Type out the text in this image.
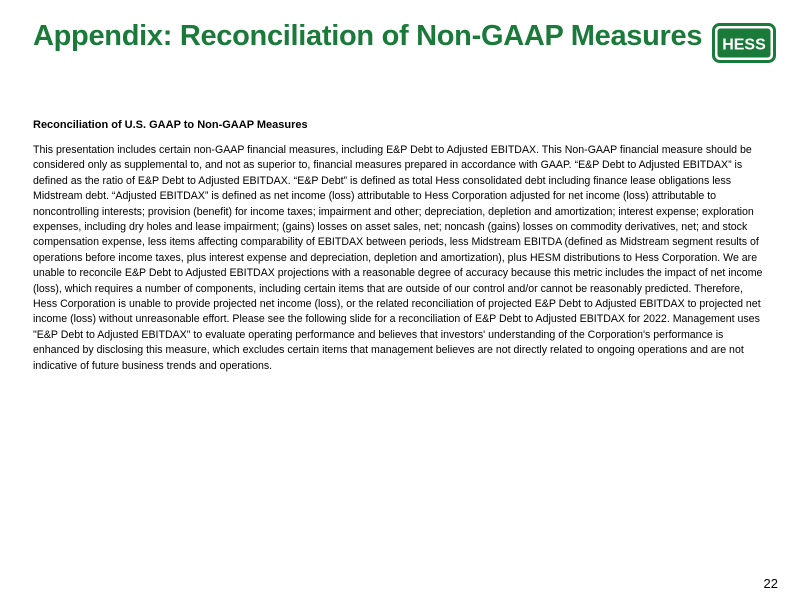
Appendix: Reconciliation of Non-GAAP Measures HESS

Reconciliation of U.S. GAAP to Non-GAAP Measures

This presentation includes certain non-GAAP financial measures, including E&P Debt to Adjusted EBITDAX. This Non-GAAP financial measure should be considered only as supplemental to, and not as superior to, financial measures prepared in accordance with GAAP. “E&P Debt to Adjusted EBITDAX” is defined as the ratio of E&P Debt to Adjusted EBITDAX. “E&P Debt” is defined as total Hess consolidated debt including finance lease obligations less Midstream debt. “Adjusted EBITDAX” is defined as net income (loss) attributable to Hess Corporation adjusted for net income (loss) attributable to noncontrolling interests; provision (benefit) for income taxes; impairment and other; depreciation, depletion and amortization; interest expense; exploration expenses, including dry holes and lease impairment; (gains) losses on asset sales, net; noncash (gains) losses on commodity derivatives, net; and stock compensation expense, less items affecting comparability of EBITDAX between periods, less Midstream EBITDA (defined as Midstream segment results of operations before income taxes, plus interest expense and depreciation, depletion and amortization), plus HESM distributions to Hess Corporation. We are unable to reconcile E&P Debt to Adjusted EBITDAX projections with a reasonable degree of accuracy because this metric includes the impact of net income (loss), which requires a number of components, including certain items that are outside of our control and/or cannot be reasonably predicted. Therefore, Hess Corporation is unable to provide projected net income (loss), or the related reconciliation of projected E&P Debt to Adjusted EBITDAX to projected net income (loss) without unreasonable effort. Please see the following slide for a reconciliation of E&P Debt to Adjusted EBITDAX for 2022. Management uses "E&P Debt to Adjusted EBITDAX" to evaluate operating performance and believes that investors' understanding of the Corporation's performance is enhanced by disclosing this measure, which excludes certain items that management believes are not directly related to ongoing operations and are not indicative of future business trends and operations.

22
